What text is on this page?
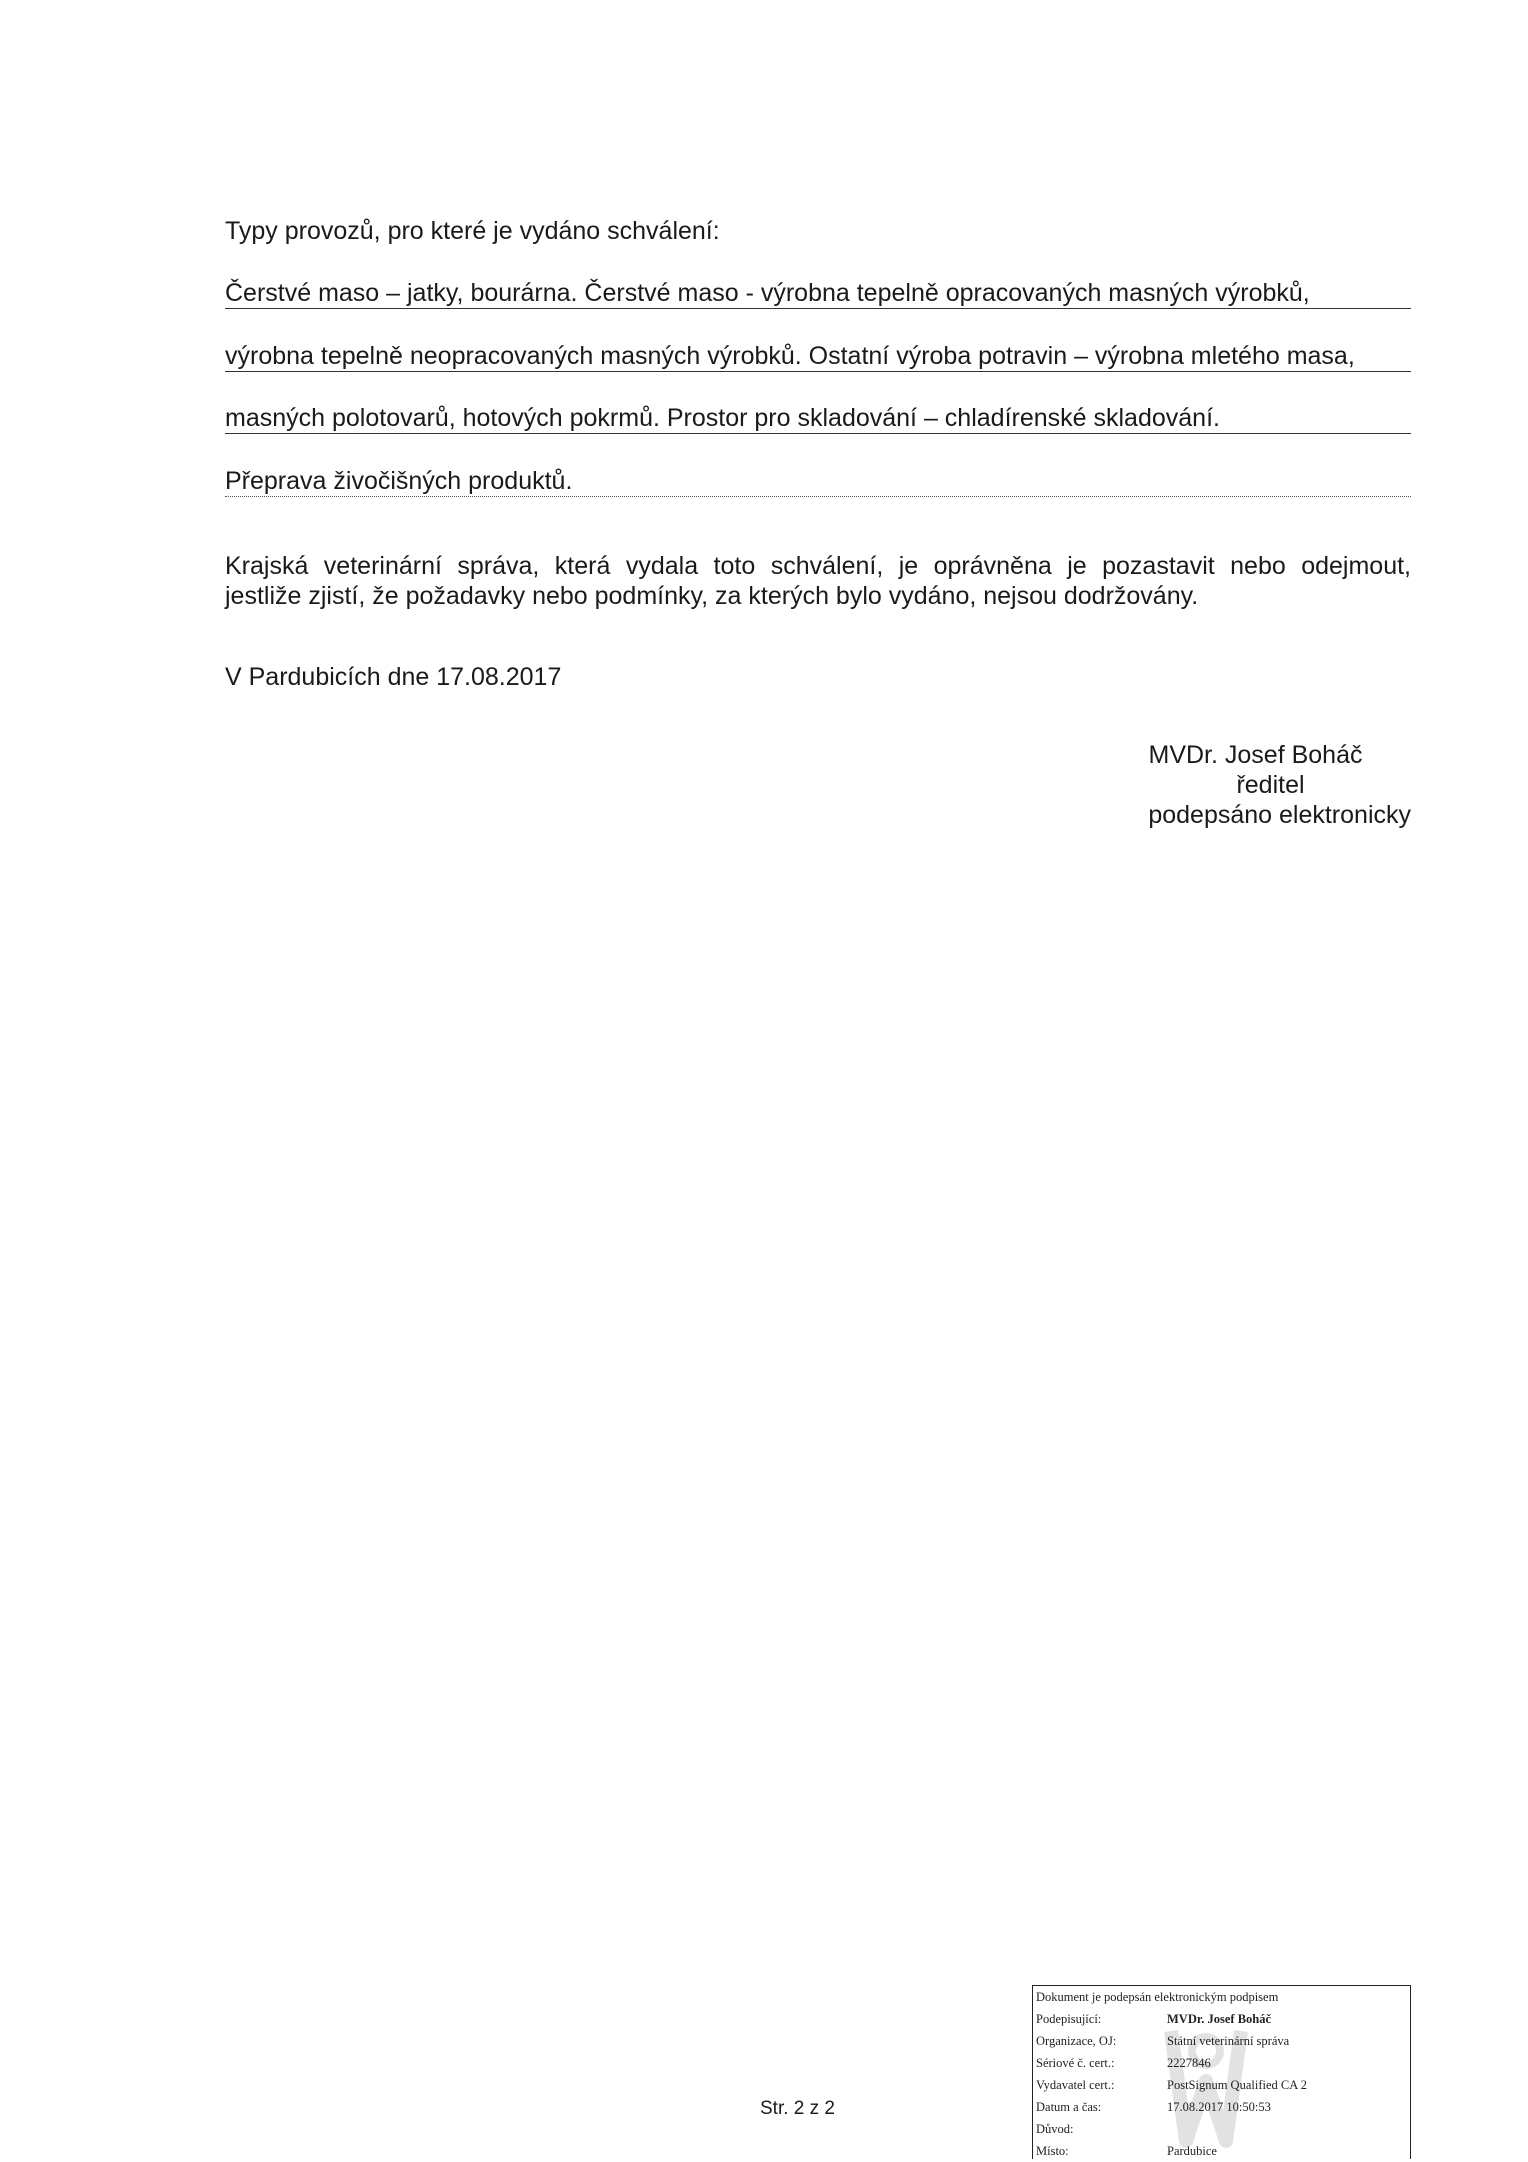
Typy provozů, pro které je vydáno schválení:
Čerstvé maso – jatky, bourárna. Čerstvé maso - výrobna tepelně opracovaných masných výrobků,
výrobna tepelně neopracovaných masných výrobků. Ostatní výroba potravin – výrobna mletého masa,
masných polotovarů, hotových pokrmů. Prostor pro skladování – chladírenské skladování.
Přeprava živočišných produktů.
Krajská veterinární správa, která vydala toto schválení, je oprávněna je pozastavit nebo odejmout,
jestliže zjistí, že požadavky nebo podmínky, za kterých bylo vydáno, nejsou dodržovány.
V Pardubicích dne 17.08.2017
MVDr. Josef Boháč
ředitel
podepsáno elektronicky
Str. 2 z 2
Dokument je podepsán elektronickým podpisem
Podepisující:	MVDr. Josef Boháč
Organizace, OJ:	Státní veterinární správa
Sériové č. cert.:	2227846
Vydavatel cert.:	PostSignum Qualified CA 2
Datum a čas:	17.08.2017 10:50:53
Důvod:
Místo:	Pardubice
